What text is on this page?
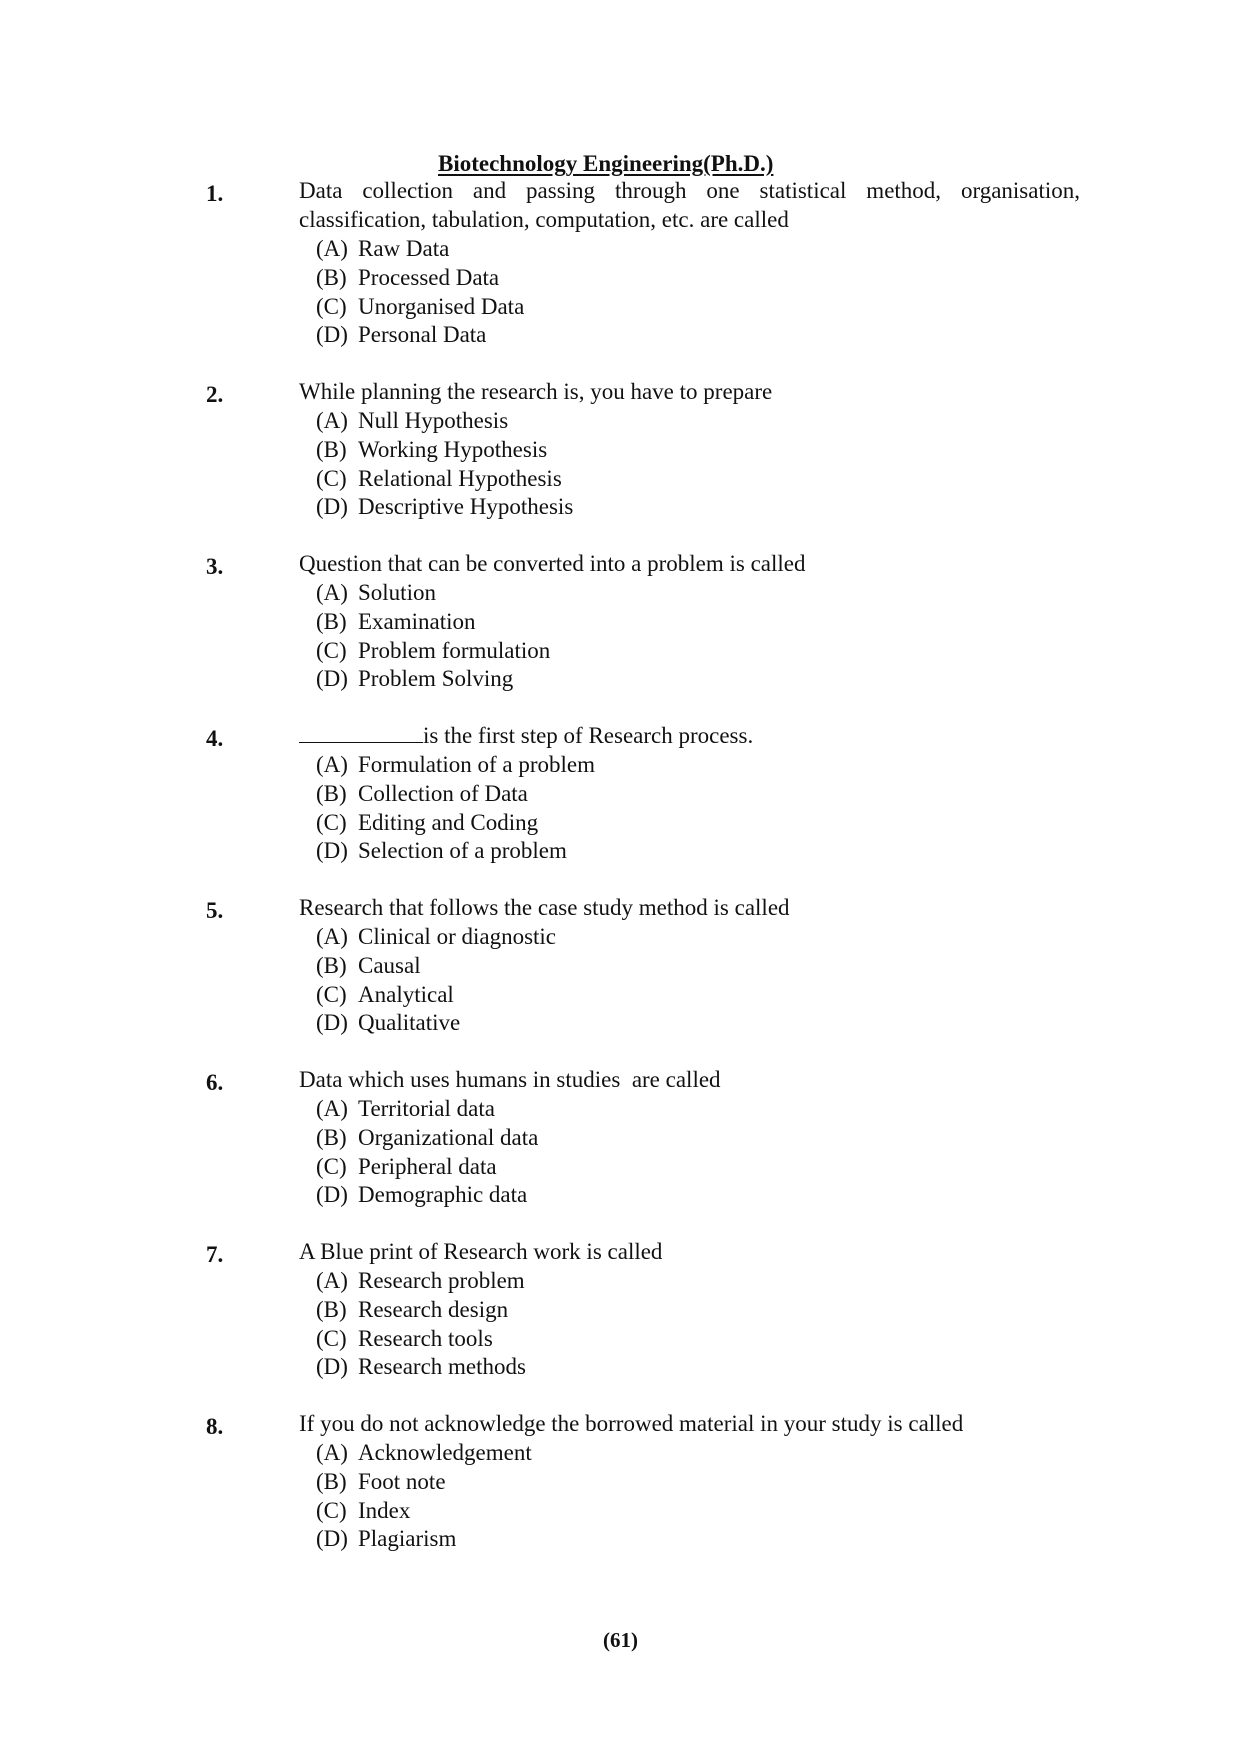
Biotechnology Engineering(Ph.D.)
1.	Data collection and passing through one statistical method, organisation, classification, tabulation, computation, etc. are called
(A) Raw Data
(B) Processed Data
(C) Unorganised Data
(D) Personal Data
2.	While planning the research is, you have to prepare
(A) Null Hypothesis
(B) Working Hypothesis
(C) Relational Hypothesis
(D) Descriptive Hypothesis
3.	Question that can be converted into a problem is called
(A) Solution
(B) Examination
(C) Problem formulation
(D) Problem Solving
4.	is the first step of Research process.
(A) Formulation of a problem
(B) Collection of Data
(C) Editing and Coding
(D) Selection of a problem
5.	Research that follows the case study method is called
(A) Clinical or diagnostic
(B) Causal
(C) Analytical
(D) Qualitative
6.	Data which uses humans in studies  are called
(A) Territorial data
(B) Organizational data
(C) Peripheral data
(D) Demographic data
7.	A Blue print of Research work is called
(A) Research problem
(B) Research design
(C) Research tools
(D) Research methods
8.	If you do not acknowledge the borrowed material in your study is called
(A) Acknowledgement
(B) Foot note
(C) Index
(D) Plagiarism
(61)
